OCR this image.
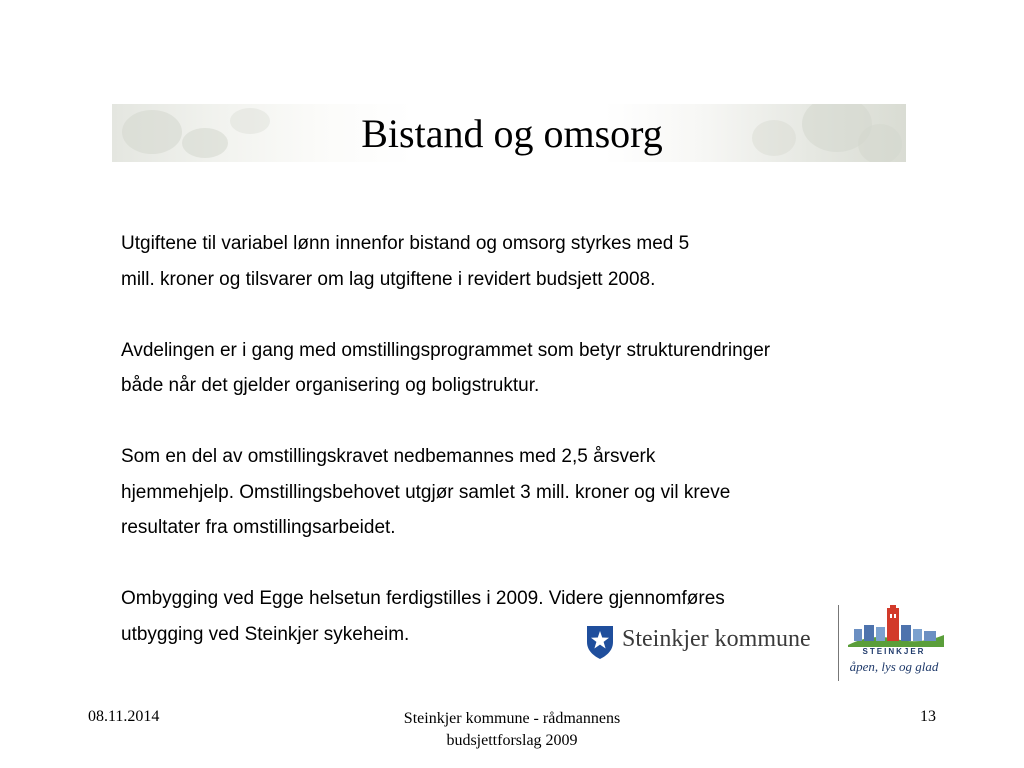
Bistand og omsorg

Utgiftene til variabel lønn innenfor bistand og omsorg styrkes med 5
mill. kroner og tilsvarer om lag utgiftene i revidert budsjett 2008.

Avdelingen er i gang med omstillingsprogrammet som betyr strukturendringer
både når det gjelder organisering og boligstruktur.

Som en del av omstillingskravet nedbemannes med 2,5 årsverk
hjemmehjelp. Omstillingsbehovet utgjør samlet 3 mill. kroner og vil kreve
resultater fra omstillingsarbeidet.

Ombygging ved Egge helsetun ferdigstilles i 2009. Videre gjennomføres
utbygging ved Steinkjer sykeheim.	Steinkjer kommune	STEINKJER
åpen, lys og glad
08.11.2014	Steinkjer kommune - rådmannens
budsjettforslag 2009
13
